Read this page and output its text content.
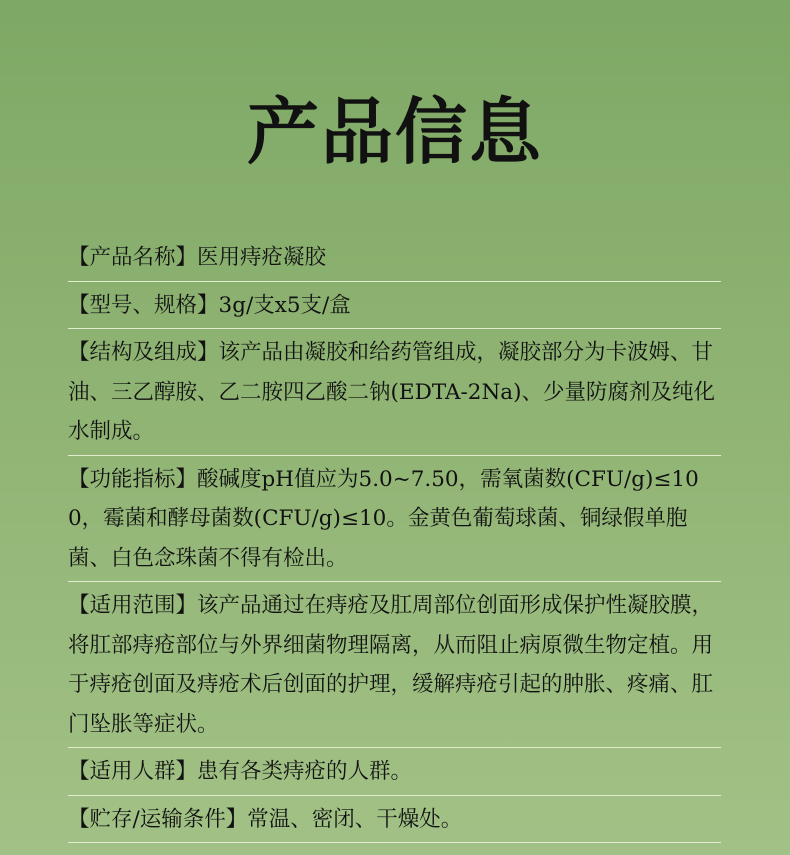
产品信息
【产品名称】医用痔疮凝胶
【型号、规格】3g/支x5支/盒
【结构及组成】该产品由凝胶和给药管组成，凝胶部分为卡波姆、甘油、三乙醇胺、乙二胺四乙酸二钠(EDTA-2Na)、少量防腐剂及纯化水制成。
【功能指标】酸碱度pH值应为5.0~7.50，需氧菌数(CFU/g)≤100，霉菌和酵母菌数(CFU/g)≤10。金黄色葡萄球菌、铜绿假单胞菌、白色念珠菌不得有检出。
【适用范围】该产品通过在痔疮及肛周部位创面形成保护性凝胶膜，将肛部痔疮部位与外界细菌物理隔离，从而阻止病原微生物定植。用于痔疮创面及痔疮术后创面的护理，缓解痔疮引起的肿胀、疼痛、肛门坠胀等症状。
【适用人群】患有各类痔疮的人群。
【贮存/运输条件】常温、密闭、干燥处。
